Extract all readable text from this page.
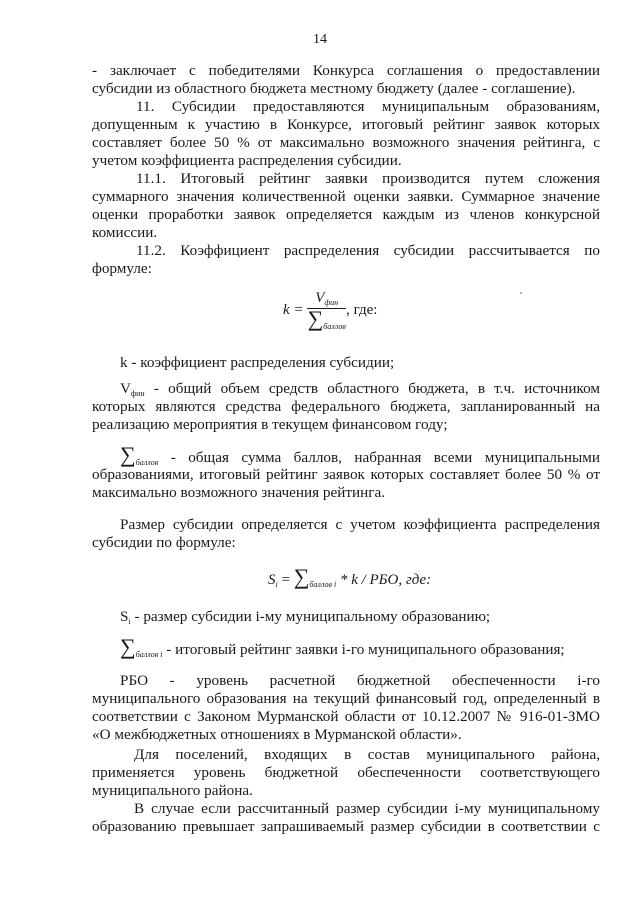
14
- заключает с победителями Конкурса соглашения о предоставлении
субсидии из областного бюджета местному бюджету (далее - соглашение).
11. Субсидии предоставляются муниципальным образованиям,
допущенным к участию в Конкурсе, итоговый рейтинг заявок которых
составляет более 50 % от максимально возможного значения рейтинга, с
учетом коэффициента распределения субсидии.
11.1. Итоговый рейтинг заявки производится путем сложения
суммарного значения количественной оценки заявки. Суммарное значение
оценки проработки заявок определяется каждым из членов конкурсной
комиссии.
11.2. Коэффициент распределения субсидии рассчитывается по
формуле:
$k = \frac{V_{фин}}{\sum_{баллов}}$ , где:
k - коэффициент распределения субсидии;
$V_{фин}$ - общий объем средств областного бюджета, в т.ч. источником
которых являются средства федерального бюджета, запланированный на
реализацию мероприятия в текущем финансовом году;
$\sum_{баллов}$ - общая сумма баллов, набранная всеми муниципальными
образованиями, итоговый рейтинг заявок которых составляет более 50 % от
максимально возможного значения рейтинга.
Размер субсидии определяется с учетом коэффициента распределения
субсидии по формуле:
$S_i = \sum_{баллов i} * k$ / РБО, где:
$S_i$ - размер субсидии i-му муниципальному образованию;
$\sum_{баллов i}$ - итоговый рейтинг заявки i-го муниципального образования;
РБО - уровень расчетной бюджетной обеспеченности i-го
муниципального образования на текущий финансовый год, определенный в
соответствии с Законом Мурманской области от 10.12.2007 № 916-01-ЗМО
«О межбюджетных отношениях в Мурманской области».
Для поселений, входящих в состав муниципального района,
применяется уровень бюджетной обеспеченности соответствующего
муниципального района.
В случае если рассчитанный размер субсидии i-му муниципальному
образованию превышает запрашиваемый размер субсидии в соответствии с
